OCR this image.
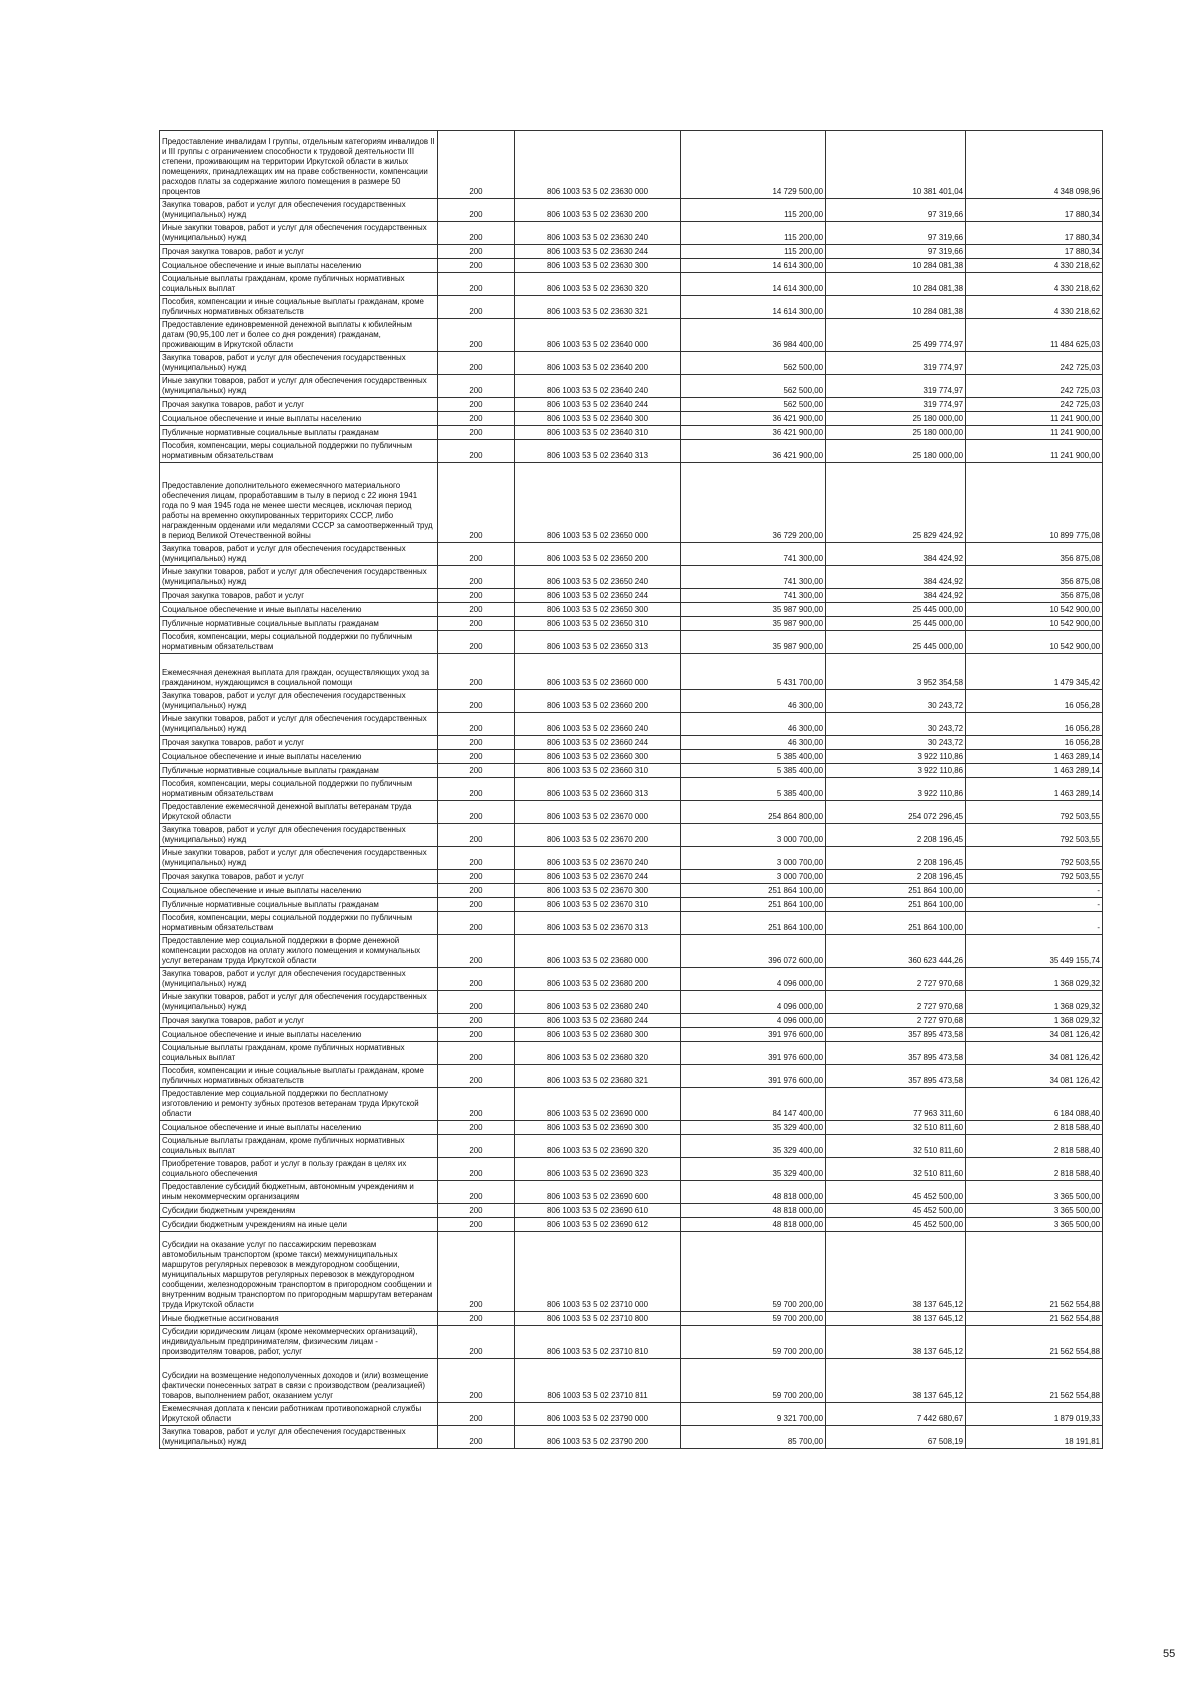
Предоставление инвалидам I группы, отдельным категориям инвалидов II и III группы с ограничением способности к трудовой деятельности III степени, проживающим на территории Иркутской области в жилых помещениях, принадлежащих им на праве собственности, компенсации расходов платы за содержание жилого помещения в размере 50 процентов	200	806 1003 53 5 02 23630 000	14 729 500,00	10 381 401,04	4 348 098,96
Закупка товаров, работ и услуг для обеспечения государственных (муниципальных) нужд	200	806 1003 53 5 02 23630 200	115 200,00	97 319,66	17 880,34
Иные закупки товаров, работ и услуг для обеспечения государственных (муниципальных) нужд	200	806 1003 53 5 02 23630 240	115 200,00	97 319,66	17 880,34
Прочая закупка товаров, работ и услуг	200	806 1003 53 5 02 23630 244	115 200,00	97 319,66	17 880,34
Социальное обеспечение и иные выплаты населению	200	806 1003 53 5 02 23630 300	14 614 300,00	10 284 081,38	4 330 218,62
Социальные выплаты гражданам, кроме публичных нормативных социальных выплат	200	806 1003 53 5 02 23630 320	14 614 300,00	10 284 081,38	4 330 218,62
Пособия, компенсации и иные социальные выплаты гражданам, кроме публичных нормативных обязательств	200	806 1003 53 5 02 23630 321	14 614 300,00	10 284 081,38	4 330 218,62
Предоставление единовременной денежной выплаты к юбилейным датам (90,95,100 лет и более со дня рождения) гражданам, проживающим в Иркутской области	200	806 1003 53 5 02 23640 000	36 984 400,00	25 499 774,97	11 484 625,03
Закупка товаров, работ и услуг для обеспечения государственных (муниципальных) нужд	200	806 1003 53 5 02 23640 200	562 500,00	319 774,97	242 725,03
Иные закупки товаров, работ и услуг для обеспечения государственных (муниципальных) нужд	200	806 1003 53 5 02 23640 240	562 500,00	319 774,97	242 725,03
Прочая закупка товаров, работ и услуг	200	806 1003 53 5 02 23640 244	562 500,00	319 774,97	242 725,03
Социальное обеспечение и иные выплаты населению	200	806 1003 53 5 02 23640 300	36 421 900,00	25 180 000,00	11 241 900,00
Публичные нормативные социальные выплаты гражданам	200	806 1003 53 5 02 23640 310	36 421 900,00	25 180 000,00	11 241 900,00
Пособия, компенсации, меры социальной поддержки по публичным нормативным обязательствам	200	806 1003 53 5 02 23640 313	36 421 900,00	25 180 000,00	11 241 900,00
Предоставление дополнительного ежемесячного материального обеспечения лицам, проработавшим в тылу в период с 22 июня 1941 года по 9 мая 1945 года не менее шести месяцев, исключая период работы на временно оккупированных территориях СССР, либо награжденным орденами или медалями СССР за самоотверженный труд в период Великой Отечественной войны	200	806 1003 53 5 02 23650 000	36 729 200,00	25 829 424,92	10 899 775,08
Закупка товаров, работ и услуг для обеспечения государственных (муниципальных) нужд	200	806 1003 53 5 02 23650 200	741 300,00	384 424,92	356 875,08
Иные закупки товаров, работ и услуг для обеспечения государственных (муниципальных) нужд	200	806 1003 53 5 02 23650 240	741 300,00	384 424,92	356 875,08
Прочая закупка товаров, работ и услуг	200	806 1003 53 5 02 23650 244	741 300,00	384 424,92	356 875,08
Социальное обеспечение и иные выплаты населению	200	806 1003 53 5 02 23650 300	35 987 900,00	25 445 000,00	10 542 900,00
Публичные нормативные социальные выплаты гражданам	200	806 1003 53 5 02 23650 310	35 987 900,00	25 445 000,00	10 542 900,00
Пособия, компенсации, меры социальной поддержки по публичным нормативным обязательствам	200	806 1003 53 5 02 23650 313	35 987 900,00	25 445 000,00	10 542 900,00
Ежемесячная денежная выплата для граждан, осуществляющих уход за гражданином, нуждающимся в социальной помощи	200	806 1003 53 5 02 23660 000	5 431 700,00	3 952 354,58	1 479 345,42
Закупка товаров, работ и услуг для обеспечения государственных (муниципальных) нужд	200	806 1003 53 5 02 23660 200	46 300,00	30 243,72	16 056,28
Иные закупки товаров, работ и услуг для обеспечения государственных (муниципальных) нужд	200	806 1003 53 5 02 23660 240	46 300,00	30 243,72	16 056,28
Прочая закупка товаров, работ и услуг	200	806 1003 53 5 02 23660 244	46 300,00	30 243,72	16 056,28
Социальное обеспечение и иные выплаты населению	200	806 1003 53 5 02 23660 300	5 385 400,00	3 922 110,86	1 463 289,14
Публичные нормативные социальные выплаты гражданам	200	806 1003 53 5 02 23660 310	5 385 400,00	3 922 110,86	1 463 289,14
Пособия, компенсации, меры социальной поддержки по публичным нормативным обязательствам	200	806 1003 53 5 02 23660 313	5 385 400,00	3 922 110,86	1 463 289,14
Предоставление ежемесячной денежной выплаты ветеранам труда Иркутской области	200	806 1003 53 5 02 23670 000	254 864 800,00	254 072 296,45	792 503,55
Закупка товаров, работ и услуг для обеспечения государственных (муниципальных) нужд	200	806 1003 53 5 02 23670 200	3 000 700,00	2 208 196,45	792 503,55
Иные закупки товаров, работ и услуг для обеспечения государственных (муниципальных) нужд	200	806 1003 53 5 02 23670 240	3 000 700,00	2 208 196,45	792 503,55
Прочая закупка товаров, работ и услуг	200	806 1003 53 5 02 23670 244	3 000 700,00	2 208 196,45	792 503,55
Социальное обеспечение и иные выплаты населению	200	806 1003 53 5 02 23670 300	251 864 100,00	251 864 100,00	-
Публичные нормативные социальные выплаты гражданам	200	806 1003 53 5 02 23670 310	251 864 100,00	251 864 100,00	-
Пособия, компенсации, меры социальной поддержки по публичным нормативным обязательствам	200	806 1003 53 5 02 23670 313	251 864 100,00	251 864 100,00	-
Предоставление мер социальной поддержки в форме денежной компенсации расходов на оплату жилого помещения и коммунальных услуг ветеранам труда Иркутской области	200	806 1003 53 5 02 23680 000	396 072 600,00	360 623 444,26	35 449 155,74
Закупка товаров, работ и услуг для обеспечения государственных (муниципальных) нужд	200	806 1003 53 5 02 23680 200	4 096 000,00	2 727 970,68	1 368 029,32
Иные закупки товаров, работ и услуг для обеспечения государственных (муниципальных) нужд	200	806 1003 53 5 02 23680 240	4 096 000,00	2 727 970,68	1 368 029,32
Прочая закупка товаров, работ и услуг	200	806 1003 53 5 02 23680 244	4 096 000,00	2 727 970,68	1 368 029,32
Социальное обеспечение и иные выплаты населению	200	806 1003 53 5 02 23680 300	391 976 600,00	357 895 473,58	34 081 126,42
Социальные выплаты гражданам, кроме публичных нормативных социальных выплат	200	806 1003 53 5 02 23680 320	391 976 600,00	357 895 473,58	34 081 126,42
Пособия, компенсации и иные социальные выплаты гражданам, кроме публичных нормативных обязательств	200	806 1003 53 5 02 23680 321	391 976 600,00	357 895 473,58	34 081 126,42
Предоставление мер социальной поддержки по бесплатному изготовлению и ремонту зубных протезов ветеранам труда Иркутской области	200	806 1003 53 5 02 23690 000	84 147 400,00	77 963 311,60	6 184 088,40
Социальное обеспечение и иные выплаты населению	200	806 1003 53 5 02 23690 300	35 329 400,00	32 510 811,60	2 818 588,40
Социальные выплаты гражданам, кроме публичных нормативных социальных выплат	200	806 1003 53 5 02 23690 320	35 329 400,00	32 510 811,60	2 818 588,40
Приобретение товаров, работ и услуг в пользу граждан в целях их социального обеспечения	200	806 1003 53 5 02 23690 323	35 329 400,00	32 510 811,60	2 818 588,40
Предоставление субсидий бюджетным, автономным учреждениям и иным некоммерческим организациям	200	806 1003 53 5 02 23690 600	48 818 000,00	45 452 500,00	3 365 500,00
Субсидии бюджетным учреждениям	200	806 1003 53 5 02 23690 610	48 818 000,00	45 452 500,00	3 365 500,00
Субсидии бюджетным учреждениям на иные цели	200	806 1003 53 5 02 23690 612	48 818 000,00	45 452 500,00	3 365 500,00
Субсидии на оказание услуг по пассажирским перевозкам автомобильным транспортом (кроме такси) межмуниципальных маршрутов регулярных перевозок в междугородном сообщении, муниципальных маршрутов регулярных перевозок в междугородном сообщении, железнодорожным транспортом в пригородном сообщении и внутренним водным транспортом по пригородным маршрутам ветеранам труда Иркутской области	200	806 1003 53 5 02 23710 000	59 700 200,00	38 137 645,12	21 562 554,88
Иные бюджетные ассигнования	200	806 1003 53 5 02 23710 800	59 700 200,00	38 137 645,12	21 562 554,88
Субсидии юридическим лицам (кроме некоммерческих организаций), индивидуальным предпринимателям, физическим лицам - производителям товаров, работ, услуг	200	806 1003 53 5 02 23710 810	59 700 200,00	38 137 645,12	21 562 554,88
Субсидии на возмещение недополученных доходов и (или) возмещение фактически понесенных затрат в связи с производством (реализацией) товаров, выполнением работ, оказанием услуг	200	806 1003 53 5 02 23710 811	59 700 200,00	38 137 645,12	21 562 554,88
Ежемесячная доплата к пенсии работникам противопожарной службы Иркутской области	200	806 1003 53 5 02 23790 000	9 321 700,00	7 442 680,67	1 879 019,33
Закупка товаров, работ и услуг для обеспечения государственных (муниципальных) нужд	200	806 1003 53 5 02 23790 200	85 700,00	67 508,19	18 191,81
55
